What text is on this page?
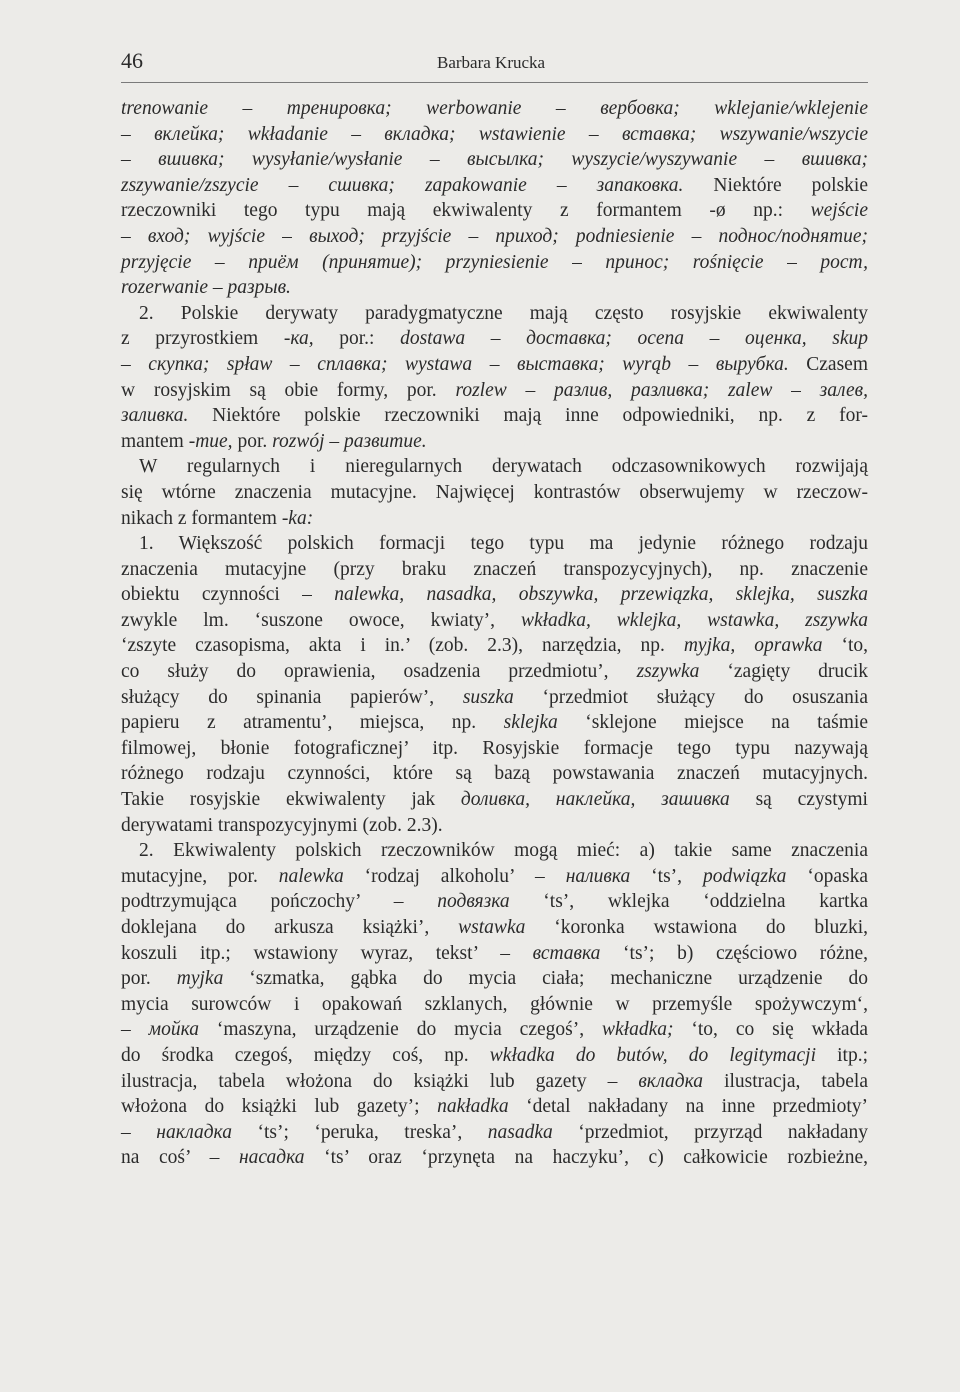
46	Barbara Krucka
trenowanie – тренировка; werbowanie – вербовка; wklejanie/wklejenie
– вклейка; wkładanie – вкладка; wstawienie – вставка; wszywanie/wszycie
– вшивка; wysyłanie/wysłanie – высылка; wyszycie/wyszywanie – вшивка;
zszywanie/zszycie – сшивка; zapakowanie – запаковка. Niektóre polskie
rzeczowniki tego typu mają ekwiwalenty z formantem -ø np.: wejście
– вход; wyjście – выход; przyjście – приход; podniesienie – поднос/поднятие;
przyjęcie – приём (принятие); przyniesienie – принос; rośnięcie – рост,
rozerwanie – разрыв.
2. Polskie derywaty paradygmatyczne mają często rosyjskie ekwiwalenty
z przyrostkiem -ка, por.: dostawa – доставка; ocena – оценка, skup
– скупка; spław – сплавка; wystawa – выставка; wyrąb – вырубка. Czasem
w rosyjskim są obie formy, por. rozlew – разлив, разливка; zalew – залев,
заливка. Niektóre polskie rzeczowniki mają inne odpowiedniki, np. z for-
mantem -тие, por. rozwój – развитие.
W regularnych i nieregularnych derywatach odczasownikowych rozwijają
się wtórne znaczenia mutacyjne. Najwięcej kontrastów obserwujemy w rzeczow-
nikach z formantem -ka:
1. Większość polskich formacji tego typu ma jedynie różnego rodzaju
znaczenia mutacyjne (przy braku znaczeń transpozycyjnych), np. znaczenie
obiektu czynności – nalewka, nasadka, obszywka, przewiązka, sklejka, suszka
zwykle lm. ‘suszone owoce, kwiaty’, wkładka, wklejka, wstawka, zszywka
‘zszyte czasopisma, akta i in.’ (zob. 2.3), narzędzia, np. myjka, oprawka ‘to,
co służy do oprawienia, osadzenia przedmiotu’, zszywka ‘zagięty drucik
służący do spinania papierów’, suszka ‘przedmiot służący do osuszania
papieru z atramentu’, miejsca, np. sklejka ‘sklejone miejsce na taśmie
filmowej, błonie fotograficznej’ itp. Rosyjskie formacje tego typu nazywają
różnego rodzaju czynności, które są bazą powstawania znaczeń mutacyjnych.
Takie rosyjskie ekwiwalenty jak доливка, наклейка, зашивка są czystymi
derywatami transpozycyjnymi (zob. 2.3).
2. Ekwiwalenty polskich rzeczowników mogą mieć: a) takie same znaczenia
mutacyjne, por. nalewka ‘rodzaj alkoholu’ – наливка ‘ts’, podwiązka ‘opaska
podtrzymująca pończochy’ – подвязка ‘ts’, wklejka ‘oddzielna kartka
doklejana do arkusza książki’, wstawka ‘koronka wstawiona do bluzki,
koszuli itp.; wstawiony wyraz, tekst’ – вставка ‘ts’; b) częściowo różne,
por. myjka ‘szmatka, gąbka do mycia ciała; mechaniczne urządzenie do
mycia surowców i opakowań szklanych, głównie w przemyśle spożywczym‘,
– мойка ‘maszyna, urządzenie do mycia czegoś’, wkładka; ‘to, co się wkłada
do środka czegoś, między coś, np. wkładka do butów, do legitymacji itp.;
ilustracja, tabela włożona do książki lub gazety – вкладка ilustracja, tabela
włożona do książki lub gazety’; nakładka ‘detal nakładany na inne przedmioty’
– накладка ‘ts’; ‘peruka, treska’, nasadka ‘przedmiot, przyrząd nakładany
na coś’ – насадка ‘ts’ oraz ‘przynęta na haczyku’, c) całkowicie rozbieżne,
